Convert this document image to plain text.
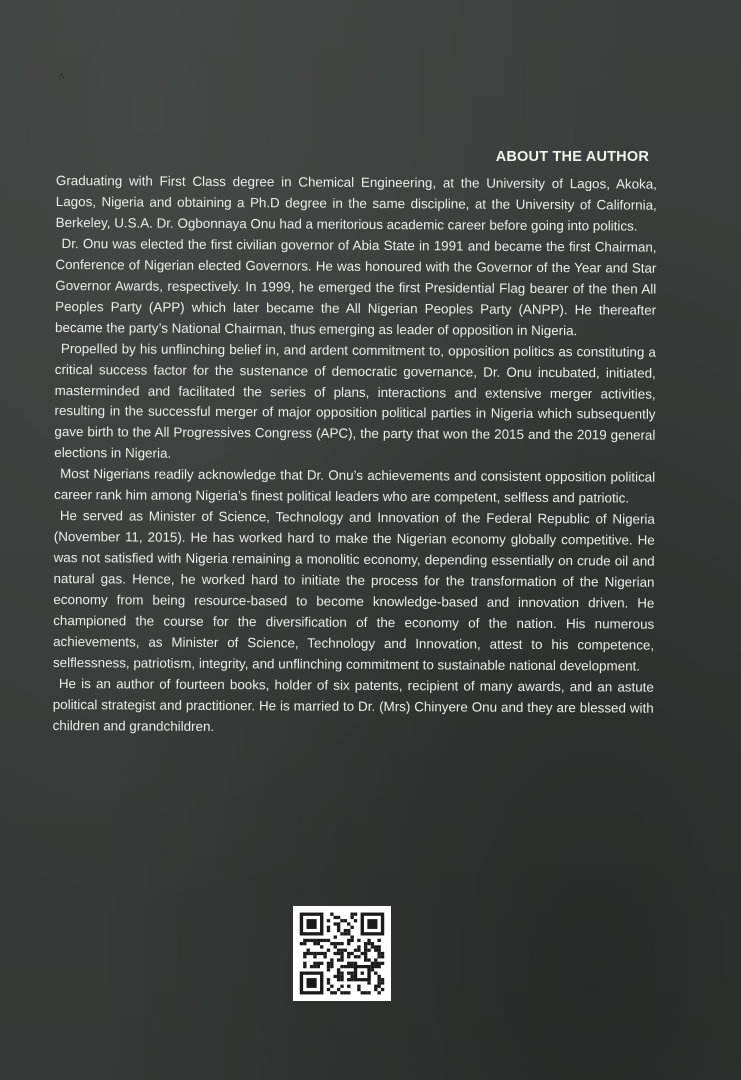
˄
ABOUT THE AUTHOR

Graduating with First Class degree in Chemical Engineering, at the University of Lagos, Akoka, Lagos, Nigeria and obtaining a Ph.D degree in the same discipline, at the University of California, Berkeley, U.S.A. Dr. Ogbonnaya Onu had a meritorious academic career before going into politics.

Dr. Onu was elected the first civilian governor of Abia State in 1991 and became the first Chairman, Conference of Nigerian elected Governors. He was honoured with the Governor of the Year and Star Governor Awards, respectively. In 1999, he emerged the first Presidential Flag bearer of the then All Peoples Party (APP) which later became the All Nigerian Peoples Party (ANPP). He thereafter became the party’s National Chairman, thus emerging as leader of opposition in Nigeria.

Propelled by his unflinching belief in, and ardent commitment to, opposition politics as constituting a critical success factor for the sustenance of democratic governance, Dr. Onu incubated, initiated, masterminded and facilitated the series of plans, interactions and extensive merger activities, resulting in the successful merger of major opposition political parties in Nigeria which subsequently gave birth to the All Progressives Congress (APC), the party that won the 2015 and the 2019 general elections in Nigeria.

Most Nigerians readily acknowledge that Dr. Onu’s achievements and consistent opposition political career rank him among Nigeria’s finest political leaders who are competent, selfless and patriotic.

He served as Minister of Science, Technology and Innovation of the Federal Republic of Nigeria (November 11, 2015). He has worked hard to make the Nigerian economy globally competitive. He was not satisfied with Nigeria remaining a monolitic economy, depending essentially on crude oil and natural gas. Hence, he worked hard to initiate the process for the transformation of the Nigerian economy from being resource-based to become knowledge-based and innovation driven. He championed the course for the diversification of the economy of the nation. His numerous achievements, as Minister of Science, Technology and Innovation, attest to his competence, selflessness, patriotism, integrity, and unflinching commitment to sustainable national development.

He is an author of fourteen books, holder of six patents, recipient of many awards, and an astute political strategist and practitioner. He is married to Dr. (Mrs) Chinyere Onu and they are blessed with children and grandchildren.
